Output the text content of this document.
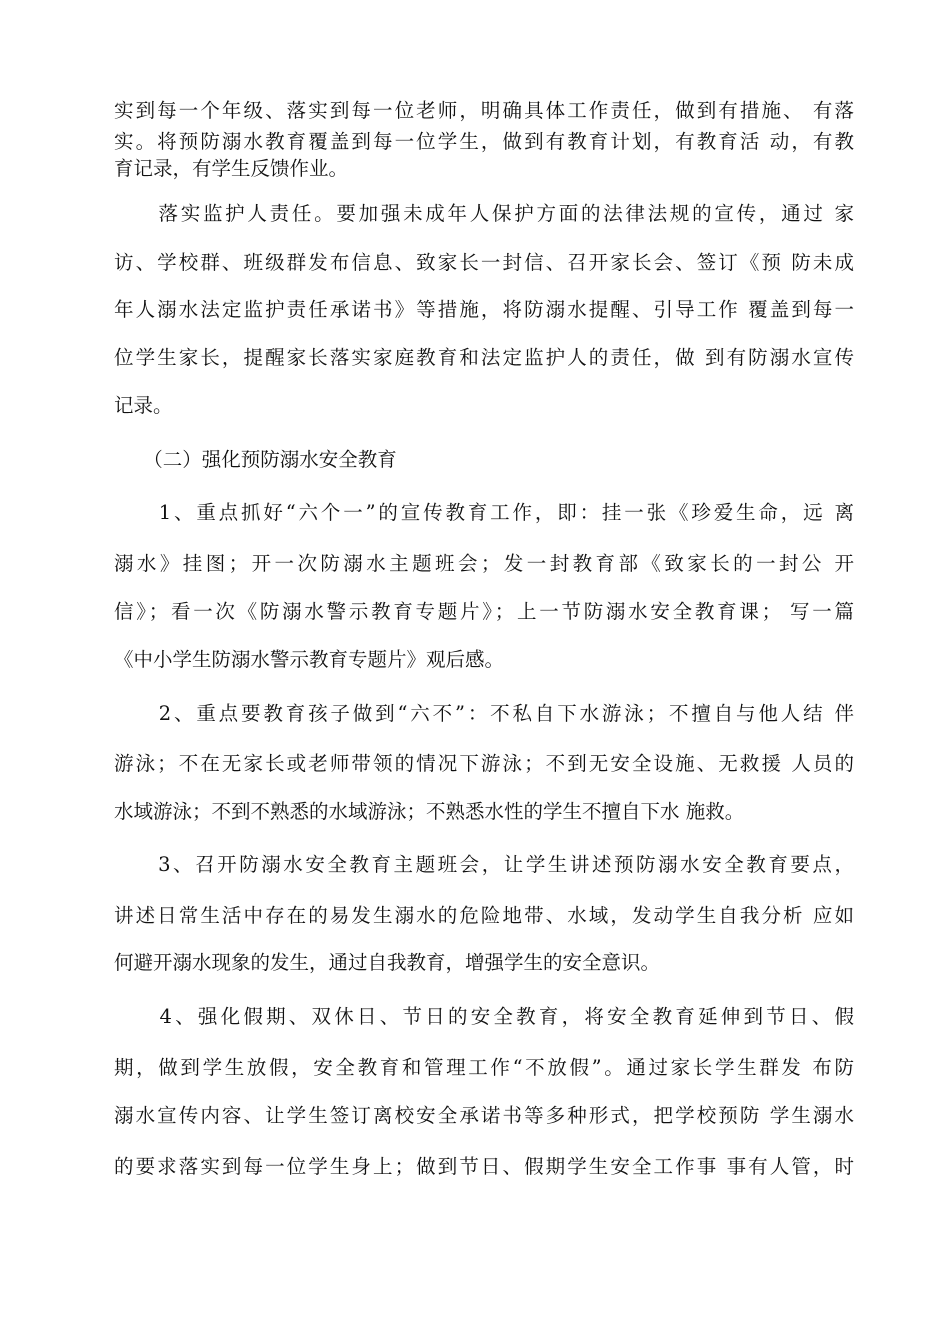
实到每一个年级、落实到每一位老师，明确具体工作责任，做到有措施、 有落
实。将预防溺水教育覆盖到每一位学生，做到有教育计划，有教育活 动，有教
育记录，有学生反馈作业。
　　落实监护人责任。要加强未成年人保护方面的法律法规的宣传，通过 家
访、学校群、班级群发布信息、致家长一封信、召开家长会、签订《预 防未成
年人溺水法定监护责任承诺书》等措施，将防溺水提醒、引导工作 覆盖到每一
位学生家长，提醒家长落实家庭教育和法定监护人的责任，做 到有防溺水宣传
记录。
　　（二）强化预防溺水安全教育
　　1、重点抓好“六个一”的宣传教育工作，即：挂一张《珍爱生命，远 离
溺水》挂图；开一次防溺水主题班会；发一封教育部《致家长的一封公 开
信》；看一次《防溺水警示教育专题片》；上一节防溺水安全教育课； 写一篇
《中小学生防溺水警示教育专题片》观后感。
　　2、重点要教育孩子做到“六不”：不私自下水游泳；不擅自与他人结 伴
游泳；不在无家长或老师带领的情况下游泳；不到无安全设施、无救援 人员的
水域游泳；不到不熟悉的水域游泳；不熟悉水性的学生不擅自下水 施救。
　　3、召开防溺水安全教育主题班会，让学生讲述预防溺水安全教育要点，
讲述日常生活中存在的易发生溺水的危险地带、水域，发动学生自我分析 应如
何避开溺水现象的发生，通过自我教育，增强学生的安全意识。
　　4、强化假期、双休日、节日的安全教育，将安全教育延伸到节日、假
期，做到学生放假，安全教育和管理工作“不放假”。通过家长学生群发 布防
溺水宣传内容、让学生签订离校安全承诺书等多种形式，把学校预防 学生溺水
的要求落实到每一位学生身上；做到节日、假期学生安全工作事 事有人管，时
